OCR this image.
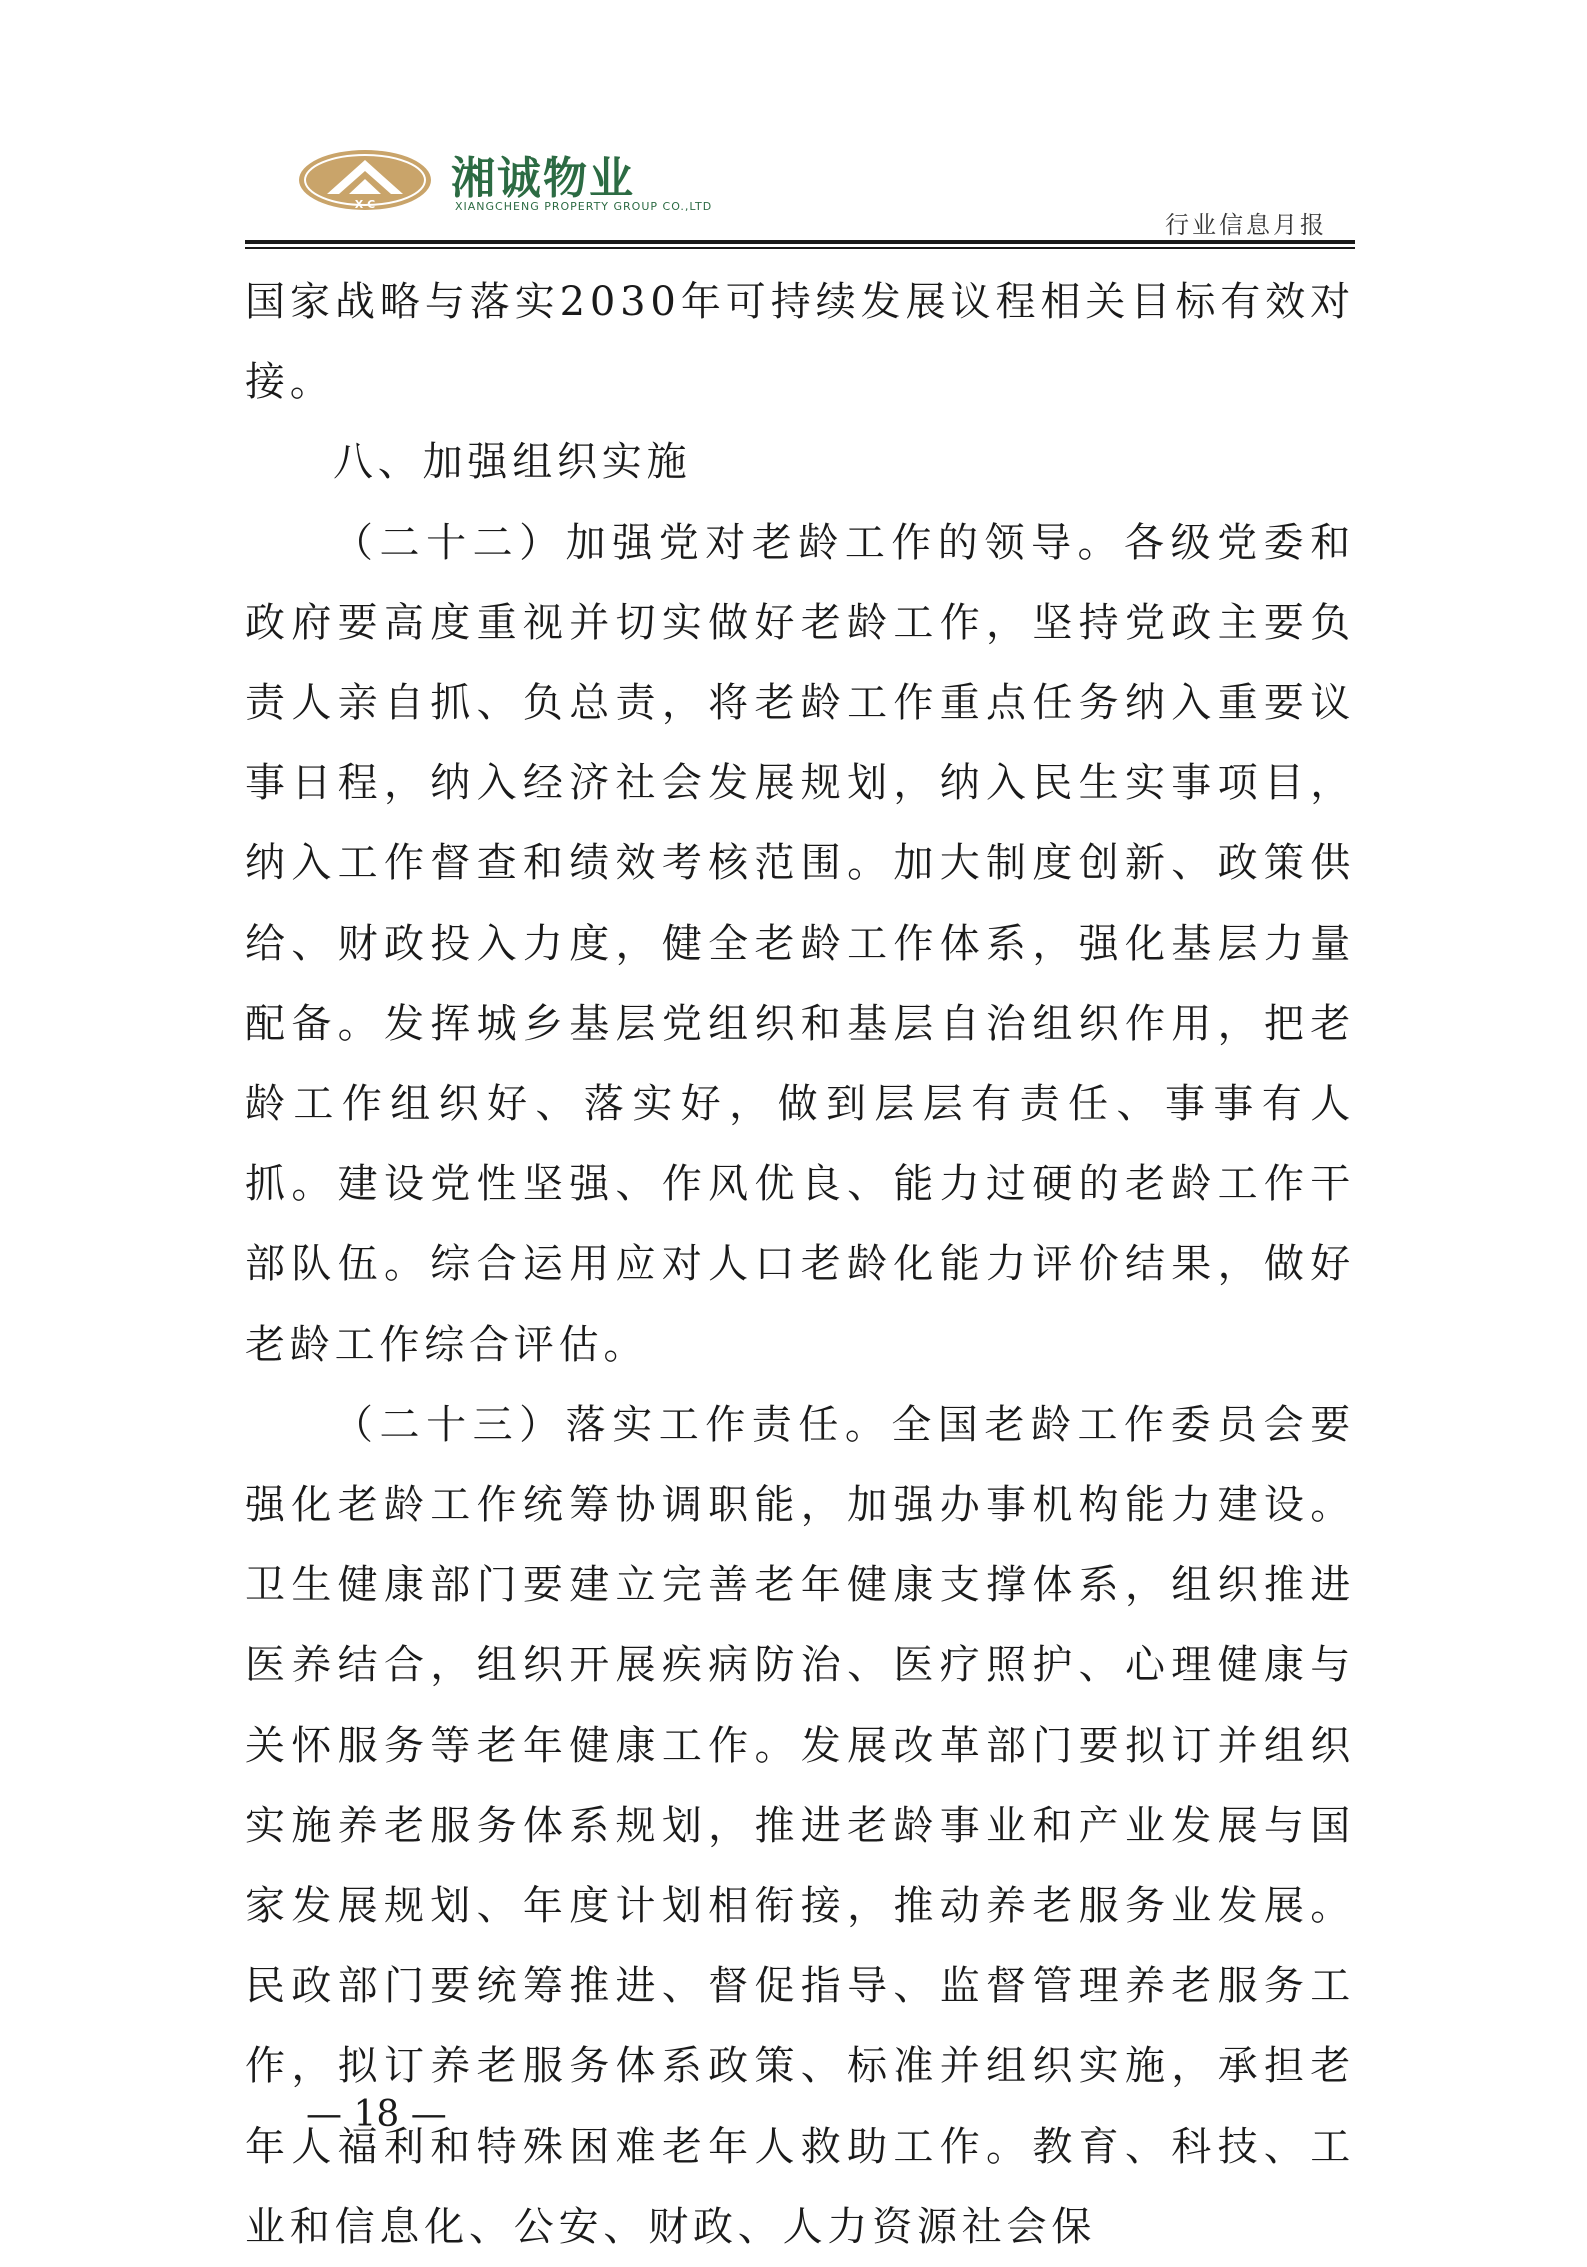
X C
湘诚物业
XIANGCHENG PROPERTY GROUP CO.,LTD
行业信息月报

国家战略与落实2030年可持续发展议程相关目标有效对接。

八、加强组织实施

（二十二）加强党对老龄工作的领导。各级党委和政府要高度重视并切实做好老龄工作，坚持党政主要负责人亲自抓、负总责，将老龄工作重点任务纳入重要议事日程，纳入经济社会发展规划，纳入民生实事项目，纳入工作督查和绩效考核范围。加大制度创新、政策供给、财政投入力度，健全老龄工作体系，强化基层力量配备。发挥城乡基层党组织和基层自治组织作用，把老龄工作组织好、落实好，做到层层有责任、事事有人抓。建设党性坚强、作风优良、能力过硬的老龄工作干部队伍。综合运用应对人口老龄化能力评价结果，做好老龄工作综合评估。

（二十三）落实工作责任。全国老龄工作委员会要强化老龄工作统筹协调职能，加强办事机构能力建设。卫生健康部门要建立完善老年健康支撑体系，组织推进医养结合，组织开展疾病防治、医疗照护、心理健康与关怀服务等老年健康工作。发展改革部门要拟订并组织实施养老服务体系规划，推进老龄事业和产业发展与国家发展规划、年度计划相衔接，推动养老服务业发展。民政部门要统筹推进、督促指导、监督管理养老服务工作，拟订养老服务体系政策、标准并组织实施，承担老年人福利和特殊困难老年人救助工作。教育、科技、工业和信息化、公安、财政、人力资源社会保

— 18 —
